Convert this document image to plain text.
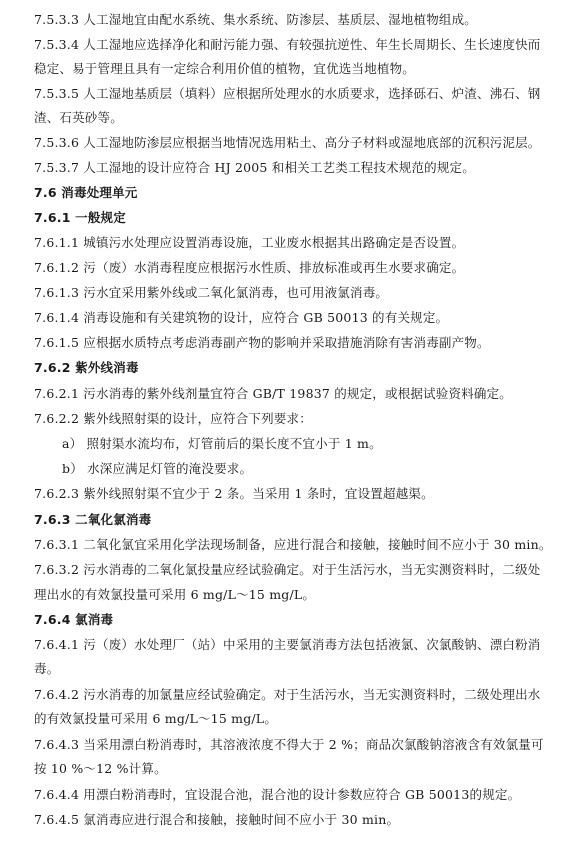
7.5.3.3 人工湿地宜由配水系统、集水系统、防渗层、基质层、湿地植物组成。
7.5.3.4 人工湿地应选择净化和耐污能力强、有较强抗逆性、年生长周期长、生长速度快而
稳定、易于管理且具有一定综合利用价值的植物，宜优选当地植物。
7.5.3.5 人工湿地基质层（填料）应根据所处理水的水质要求，选择砾石、炉渣、沸石、钢
渣、石英砂等。
7.5.3.6 人工湿地防渗层应根据当地情况选用粘土、高分子材料或湿地底部的沉积污泥层。
7.5.3.7 人工湿地的设计应符合 HJ 2005 和相关工艺类工程技术规范的规定。
7.6 消毒处理单元
7.6.1 一般规定
7.6.1.1 城镇污水处理应设置消毒设施，工业废水根据其出路确定是否设置。
7.6.1.2 污（废）水消毒程度应根据污水性质、排放标准或再生水要求确定。
7.6.1.3 污水宜采用紫外线或二氧化氯消毒，也可用液氯消毒。
7.6.1.4 消毒设施和有关建筑物的设计，应符合 GB 50013 的有关规定。
7.6.1.5 应根据水质特点考虑消毒副产物的影响并采取措施消除有害消毒副产物。
7.6.2 紫外线消毒
7.6.2.1 污水消毒的紫外线剂量宜符合 GB/T 19837 的规定，或根据试验资料确定。
7.6.2.2 紫外线照射渠的设计，应符合下列要求：
a） 照射渠水流均布，灯管前后的渠长度不宜小于 1 m。
b） 水深应满足灯管的淹没要求。
7.6.2.3 紫外线照射渠不宜少于 2 条。当采用 1 条时，宜设置超越渠。
7.6.3 二氧化氯消毒
7.6.3.1 二氧化氯宜采用化学法现场制备，应进行混合和接触，接触时间不应小于 30 min。
7.6.3.2 污水消毒的二氧化氯投量应经试验确定。对于生活污水，当无实测资料时，二级处
理出水的有效氯投量可采用 6 mg/L～15 mg/L。
7.6.4 氯消毒
7.6.4.1 污（废）水处理厂（站）中采用的主要氯消毒方法包括液氯、次氯酸钠、漂白粉消
毒。
7.6.4.2 污水消毒的加氯量应经试验确定。对于生活污水，当无实测资料时，二级处理出水
的有效氯投量可采用 6 mg/L～15 mg/L。
7.6.4.3 当采用漂白粉消毒时，其溶液浓度不得大于 2 %；商品次氯酸钠溶液含有效氯量可
按 10 %～12 %计算。
7.6.4.4 用漂白粉消毒时，宜设混合池，混合池的设计参数应符合 GB 50013的规定。
7.6.4.5 氯消毒应进行混合和接触，接触时间不应小于 30 min。
